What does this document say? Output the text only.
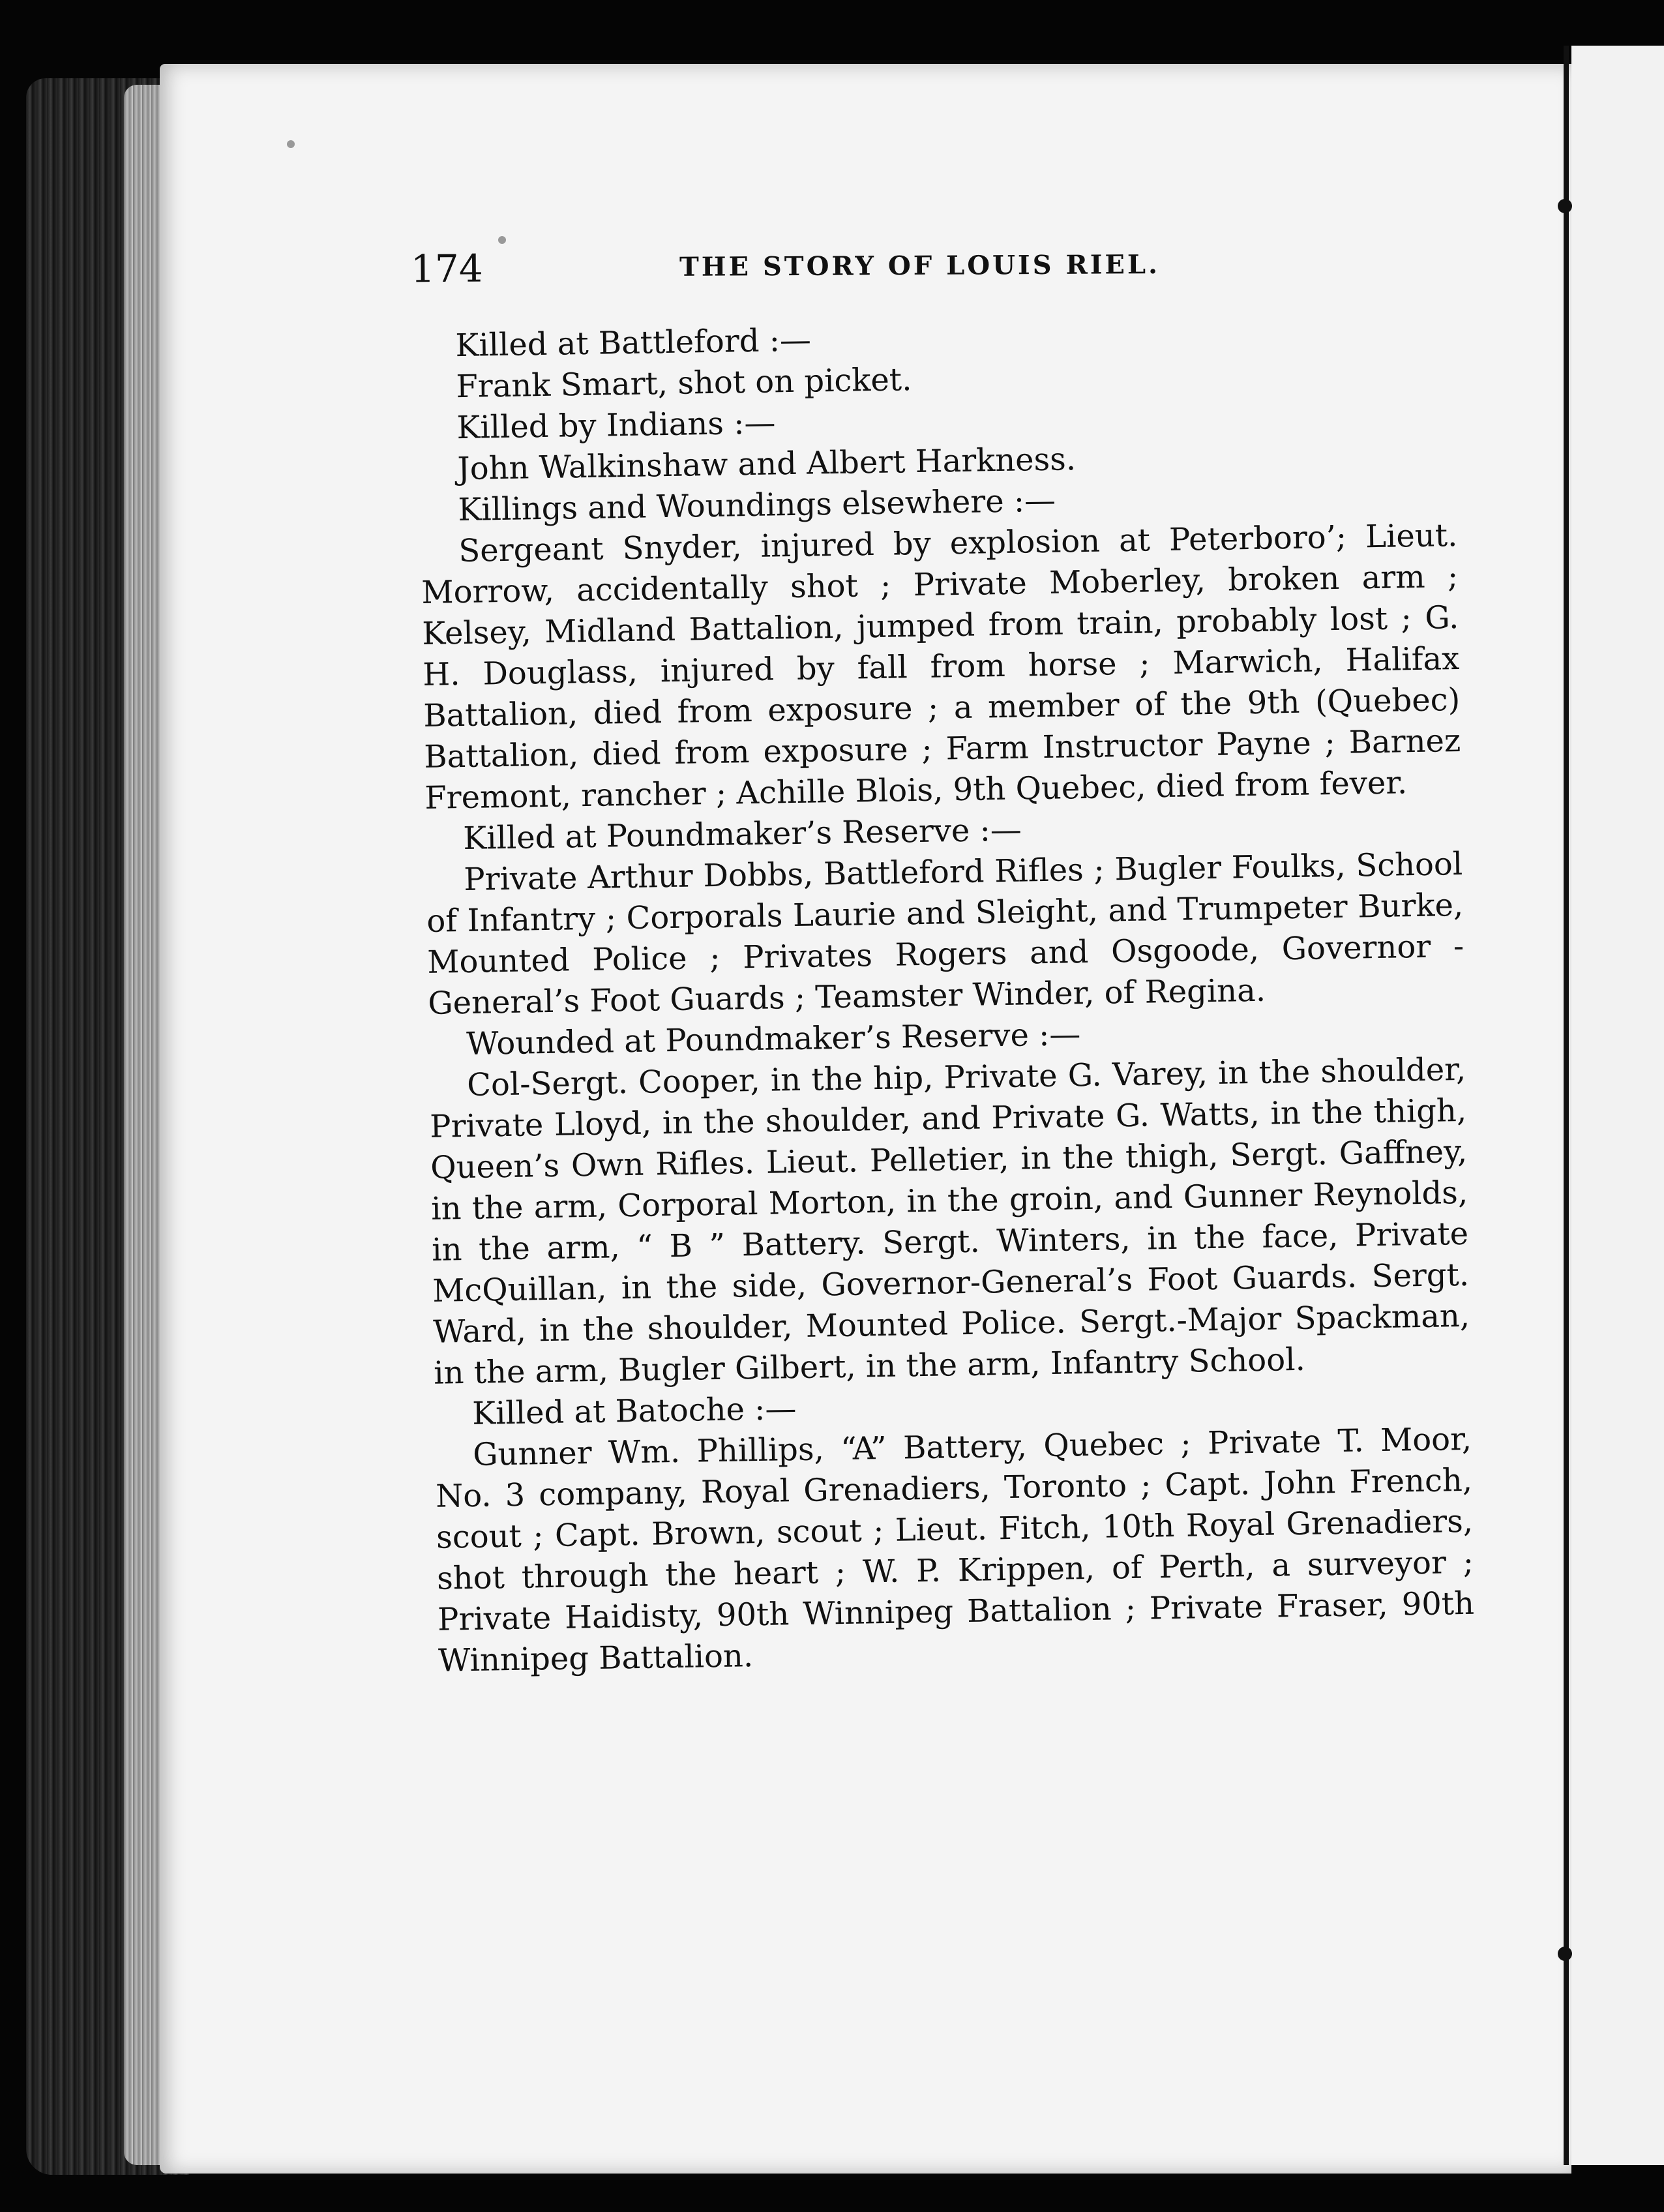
174	THE STORY OF LOUIS RIEL.

Killed at Battleford :—

Frank Smart, shot on picket.

Killed by Indians :—

John Walkinshaw and Albert Harkness.

Killings and Woundings elsewhere :—

Sergeant Snyder, injured by explosion at Peterboro’; Lieut. Morrow, accidentally shot ; Private Moberley, broken arm ; Kelsey, Midland Battalion, jumped from train, probably lost ; G. H. Douglass, injured by fall from horse ; Marwich, Halifax Battalion, died from exposure ; a member of the 9th (Quebec) Battalion, died from exposure ; Farm Instructor Payne ; Barnez Fremont, rancher ; Achille Blois, 9th Quebec, died from fever.

Killed at Poundmaker’s Reserve :—

Private Arthur Dobbs, Battleford Rifles ; Bugler Foulks, School of Infantry ; Corporals Laurie and Sleight, and Trumpeter Burke, Mounted Police ; Privates Rogers and Osgoode, Governor - General’s Foot Guards ; Teamster Winder, of Regina.

Wounded at Poundmaker’s Reserve :—

Col-Sergt. Cooper, in the hip, Private G. Varey, in the shoulder, Private Lloyd, in the shoulder, and Private G. Watts, in the thigh, Queen’s Own Rifles. Lieut. Pelletier, in the thigh, Sergt. Gaffney, in the arm, Corporal Morton, in the groin, and Gunner Reynolds, in the arm, “ B ” Battery. Sergt. Winters, in the face, Private McQuillan, in the side, Governor-General’s Foot Guards. Sergt. Ward, in the shoulder, Mounted Police. Sergt.-Major Spackman, in the arm, Bugler Gilbert, in the arm, Infantry School.

Killed at Batoche :—

Gunner Wm. Phillips, “A” Battery, Quebec ; Private T. Moor, No. 3 company, Royal Grenadiers, Toronto ; Capt. John French, scout ; Capt. Brown, scout ; Lieut. Fitch, 10th Royal Grenadiers, shot through the heart ; W. P. Krippen, of Perth, a surveyor ; Private Haidisty, 90th Winnipeg Battalion ; Private Fraser, 90th Winnipeg Battalion.
